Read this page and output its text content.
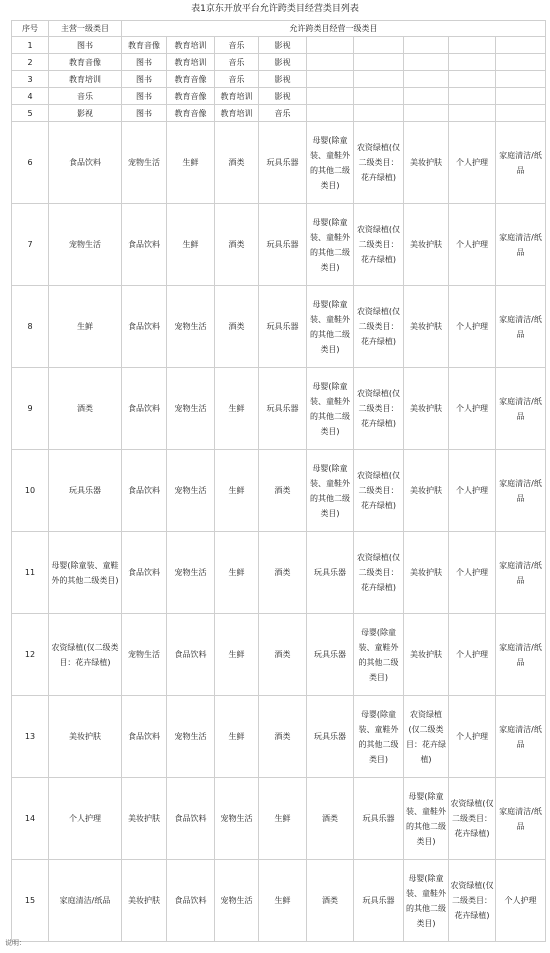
表1京东开放平台允许跨类目经营类目列表
序号	主营一级类目	允许跨类目经营一级类目								
1	图书	教育音像	教育培训	音乐	影视					
2	教育音像	图书	教育培训	音乐	影视					
3	教育培训	图书	教育音像	音乐	影视					
4	音乐	图书	教育音像	教育培训	影视					
5	影视	图书	教育音像	教育培训	音乐					
6	食品饮料	宠物生活	生鲜	酒类	玩具乐器	母婴(除童装、童鞋外的其他二级类目)	农资绿植(仅二级类目：花卉绿植)	美妆护肤	个人护理	家庭清洁/纸品
7	宠物生活	食品饮料	生鲜	酒类	玩具乐器	母婴(除童装、童鞋外的其他二级类目)	农资绿植(仅二级类目：花卉绿植)	美妆护肤	个人护理	家庭清洁/纸品
8	生鲜	食品饮料	宠物生活	酒类	玩具乐器	母婴(除童装、童鞋外的其他二级类目)	农资绿植(仅二级类目：花卉绿植)	美妆护肤	个人护理	家庭清洁/纸品
9	酒类	食品饮料	宠物生活	生鲜	玩具乐器	母婴(除童装、童鞋外的其他二级类目)	农资绿植(仅二级类目：花卉绿植)	美妆护肤	个人护理	家庭清洁/纸品
10	玩具乐器	食品饮料	宠物生活	生鲜	酒类	母婴(除童装、童鞋外的其他二级类目)	农资绿植(仅二级类目：花卉绿植)	美妆护肤	个人护理	家庭清洁/纸品
11	母婴(除童装、童鞋外的其他二级类目)	食品饮料	宠物生活	生鲜	酒类	玩具乐器	农资绿植(仅二级类目：花卉绿植)	美妆护肤	个人护理	家庭清洁/纸品
12	农资绿植(仅二级类目：花卉绿植)	宠物生活	食品饮料	生鲜	酒类	玩具乐器	母婴(除童装、童鞋外的其他二级类目)	美妆护肤	个人护理	家庭清洁/纸品
13	美妆护肤	食品饮料	宠物生活	生鲜	酒类	玩具乐器	母婴(除童装、童鞋外的其他二级类目)	农资绿植(仅二级类目：花卉绿植)	个人护理	家庭清洁/纸品
14	个人护理	美妆护肤	食品饮料	宠物生活	生鲜	酒类	玩具乐器	母婴(除童装、童鞋外的其他二级类目)	农资绿植(仅二级类目：花卉绿植)	家庭清洁/纸品
15	家庭清洁/纸品	美妆护肤	食品饮料	宠物生活	生鲜	酒类	玩具乐器	母婴(除童装、童鞋外的其他二级类目)	农资绿植(仅二级类目：花卉绿植)	个人护理
说明：
